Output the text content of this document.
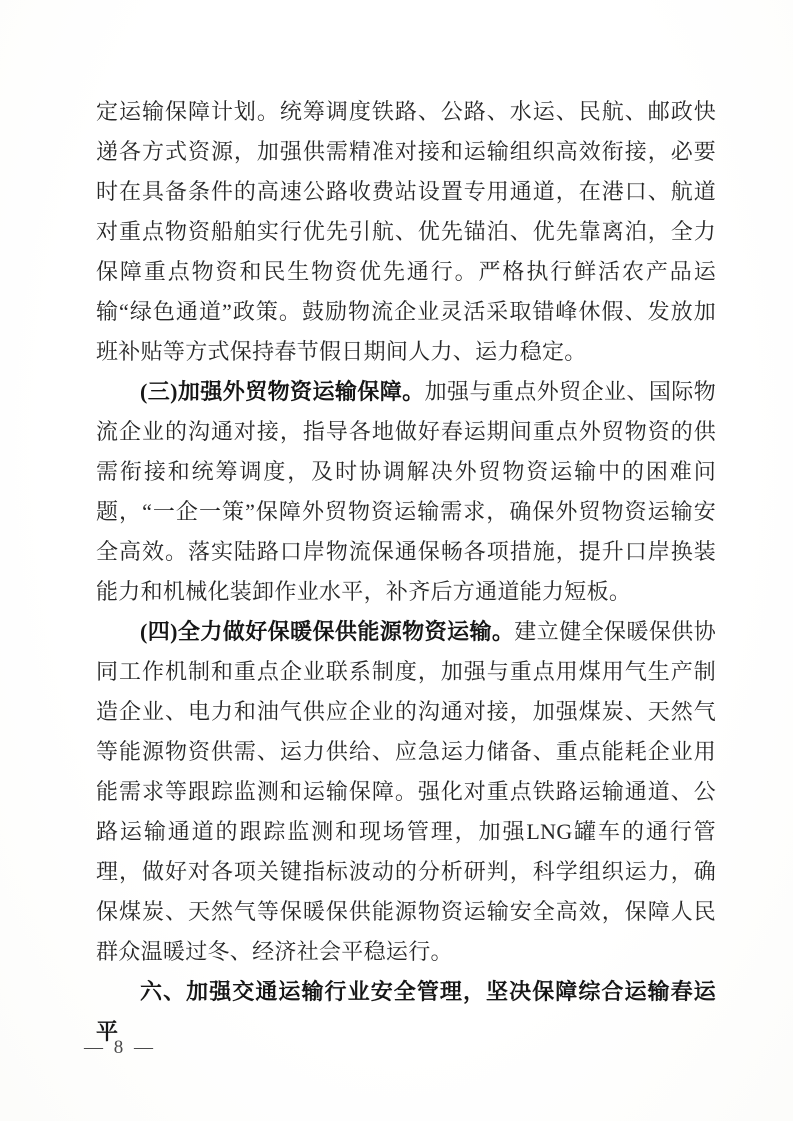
定运输保障计划。统筹调度铁路、公路、水运、民航、邮政快递各方式资源，加强供需精准对接和运输组织高效衔接，必要时在具备条件的高速公路收费站设置专用通道，在港口、航道对重点物资船舶实行优先引航、优先锚泊、优先靠离泊，全力保障重点物资和民生物资优先通行。严格执行鲜活农产品运输“绿色通道”政策。鼓励物流企业灵活采取错峰休假、发放加班补贴等方式保持春节假日期间人力、运力稳定。

(三)加强外贸物资运输保障。加强与重点外贸企业、国际物流企业的沟通对接，指导各地做好春运期间重点外贸物资的供需衔接和统筹调度，及时协调解决外贸物资运输中的困难问题，“一企一策”保障外贸物资运输需求，确保外贸物资运输安全高效。落实陆路口岸物流保通保畅各项措施，提升口岸换装能力和机械化装卸作业水平，补齐后方通道能力短板。

(四)全力做好保暖保供能源物资运输。建立健全保暖保供协同工作机制和重点企业联系制度，加强与重点用煤用气生产制造企业、电力和油气供应企业的沟通对接，加强煤炭、天然气等能源物资供需、运力供给、应急运力储备、重点能耗企业用能需求等跟踪监测和运输保障。强化对重点铁路运输通道、公路运输通道的跟踪监测和现场管理，加强LNG罐车的通行管理，做好对各项关键指标波动的分析研判，科学组织运力，确保煤炭、天然气等保暖保供能源物资运输安全高效，保障人民群众温暖过冬、经济社会平稳运行。

六、加强交通运输行业安全管理，坚决保障综合运输春运平

— 8 —
